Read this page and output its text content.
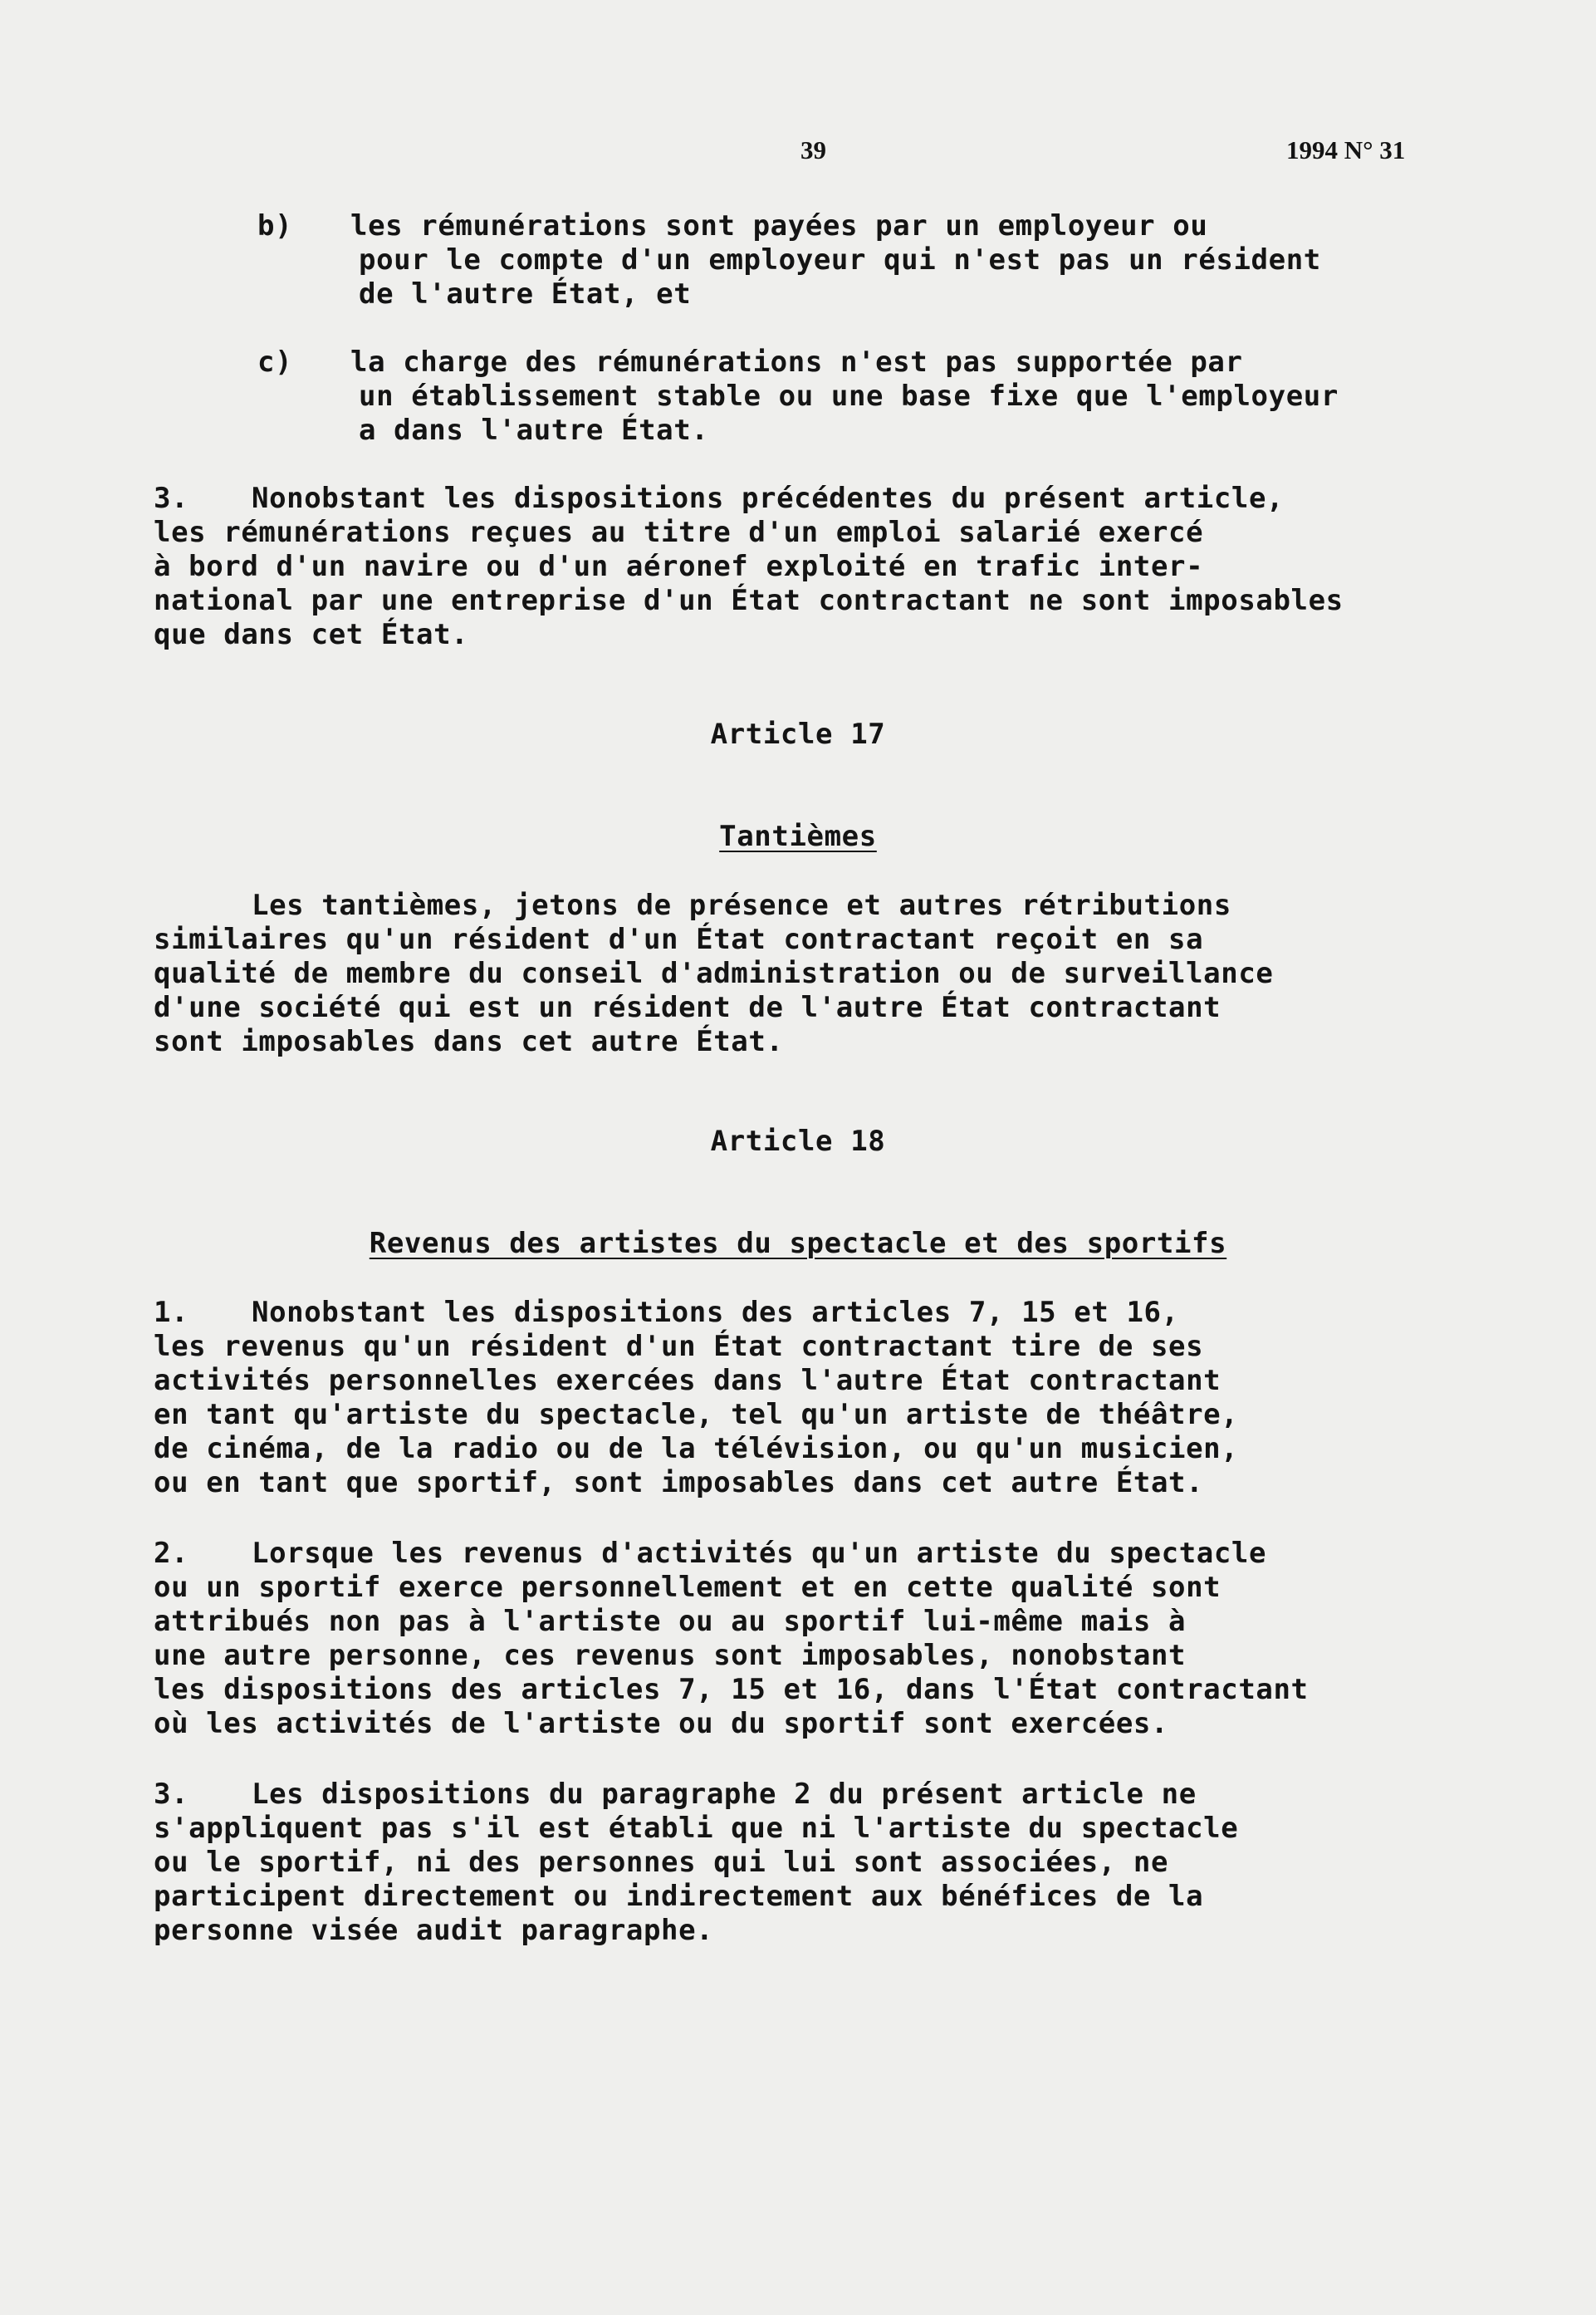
39	1994 N° 31
b) les rémunérations sont payées par un employeur ou
pour le compte d'un employeur qui n'est pas un résident
de l'autre État, et
c) la charge des rémunérations n'est pas supportée par
un établissement stable ou une base fixe que l'employeur
a dans l'autre État.
3. Nonobstant les dispositions précédentes du présent article,
les rémunérations reçues au titre d'un emploi salarié exercé
à bord d'un navire ou d'un aéronef exploité en trafic inter-
national par une entreprise d'un État contractant ne sont imposables
que dans cet État.
Article 17
Tantièmes
Les tantièmes, jetons de présence et autres rétributions
similaires qu'un résident d'un État contractant reçoit en sa
qualité de membre du conseil d'administration ou de surveillance
d'une société qui est un résident de l'autre État contractant
sont imposables dans cet autre État.
Article 18
Revenus des artistes du spectacle et des sportifs
1. Nonobstant les dispositions des articles 7, 15 et 16,
les revenus qu'un résident d'un État contractant tire de ses
activités personnelles exercées dans l'autre État contractant
en tant qu'artiste du spectacle, tel qu'un artiste de théâtre,
de cinéma, de la radio ou de la télévision, ou qu'un musicien,
ou en tant que sportif, sont imposables dans cet autre État.
2. Lorsque les revenus d'activités qu'un artiste du spectacle
ou un sportif exerce personnellement et en cette qualité sont
attribués non pas à l'artiste ou au sportif lui-même mais à
une autre personne, ces revenus sont imposables, nonobstant
les dispositions des articles 7, 15 et 16, dans l'État contractant
où les activités de l'artiste ou du sportif sont exercées.
3. Les dispositions du paragraphe 2 du présent article ne
s'appliquent pas s'il est établi que ni l'artiste du spectacle
ou le sportif, ni des personnes qui lui sont associées, ne
participent directement ou indirectement aux bénéfices de la
personne visée audit paragraphe.
